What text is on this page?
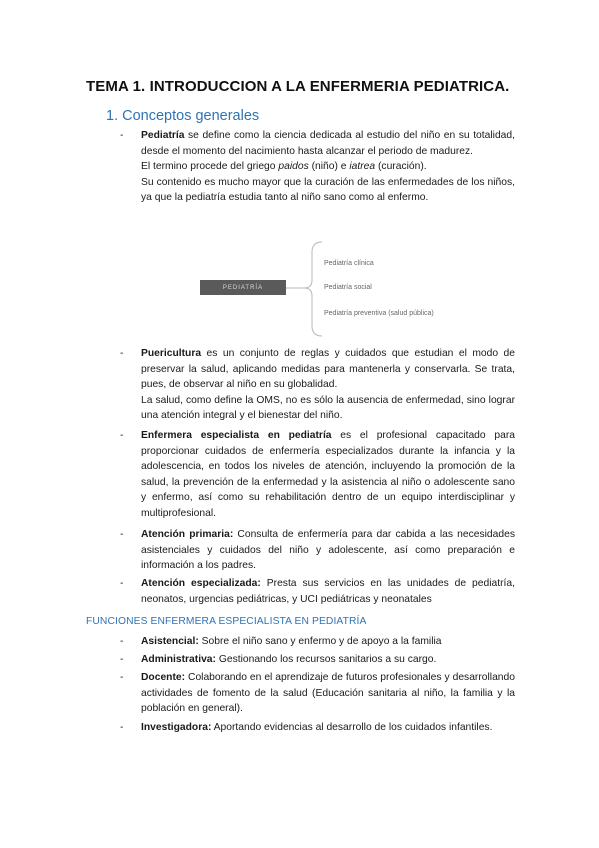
TEMA 1. INTRODUCCION A LA ENFERMERIA PEDIATRICA.
1. Conceptos generales
-	Pediatría se define como la ciencia dedicada al estudio del niño en su totalidad, desde el momento del nacimiento hasta alcanzar el periodo de madurez.

El termino procede del griego paidos (niño) e iatrea (curación).

Su contenido es mucho mayor que la curación de las enfermedades de los niños, ya que la pediatría estudia tanto al niño sano como al enfermo.

PEDIATRÍA
Pediatría clínica
Pediatría social
Pediatría preventiva (salud pública)
-	Puericultura es un conjunto de reglas y cuidados que estudian el modo de preservar la salud, aplicando medidas para mantenerla y conservarla. Se trata, pues, de observar al niño en su globalidad.

La salud, como define la OMS, no es sólo la ausencia de enfermedad, sino lograr una atención integral y el bienestar del niño.

-	Enfermera especialista en pediatría es el profesional capacitado para proporcionar cuidados de enfermería especializados durante la infancia y la adolescencia, en todos los niveles de atención, incluyendo la promoción de la salud, la prevención de la enfermedad y la asistencia al niño o adolescente sano y enfermo, así como su rehabilitación dentro de un equipo interdisciplinar y multiprofesional.

-	Atención primaria: Consulta de enfermería para dar cabida a las necesidades asistenciales y cuidados del niño y adolescente, así como preparación e información a los padres.

-	Atención especializada: Presta sus servicios en las unidades de pediatría, neonatos, urgencias pediátricas, y UCI pediátricas y neonatales

FUNCIONES ENFERMERA ESPECIALISTA EN PEDIATRÍA
-	Asistencial: Sobre el niño sano y enfermo y de apoyo a la familia

-	Administrativa: Gestionando los recursos sanitarios a su cargo.

-	Docente: Colaborando en el aprendizaje de futuros profesionales y desarrollando actividades de fomento de la salud (Educación sanitaria al niño, la familia y la población en general).

-	Investigadora: Aportando evidencias al desarrollo de los cuidados infantiles.
